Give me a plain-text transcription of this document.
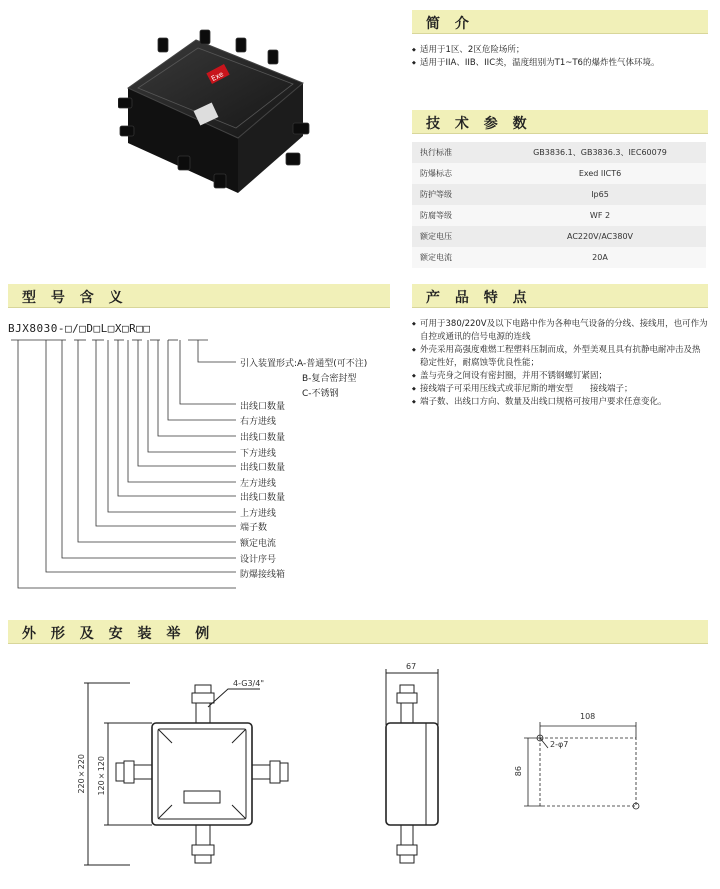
简 介
◆ 适用于1区、2区危险场所；
◆ 适用于IIA、IIB、IIC类，温度组别为T1~T6的爆炸性气体环境。
Exe
技 术 参 数
执行标准	GB3836.1、GB3836.3、IEC60079
防爆标志	Exed IICT6
防护等级	Ip65
防腐等级	WF 2
额定电压	AC220V/AC380V
额定电流	20A
型 号 含 义
BJX8030-□/□D□L□X□R□□
引入装置形式:A-普通型(可不注)
B-复合密封型
C-不锈钢
出线口数量
右方进线
出线口数量
下方进线
出线口数量
左方进线
出线口数量
上方进线
端子数
额定电流
设计序号
防爆接线箱
产 品 特 点
◆ 可用于380/220V及以下电路中作为各种电气设备的分线、接线用，也可作为自控或通讯的信号电源的连线
◆ 外壳采用高强度难燃工程塑料压制而成，外型美观且具有抗静电耐冲击及热稳定性好，耐腐蚀等优良性能；
◆ 盖与壳身之间设有密封圈，并用不锈钢螺钉紧固；
◆ 接线端子可采用压线式或菲尼斯的增安型　　接线端子；
◆ 端子数、出线口方向、数量及出线口规格可按用户要求任意变化。
外 形 及 安 装 举 例
4-G3/4"
220×220 120×120
67
108
2-φ7
86
